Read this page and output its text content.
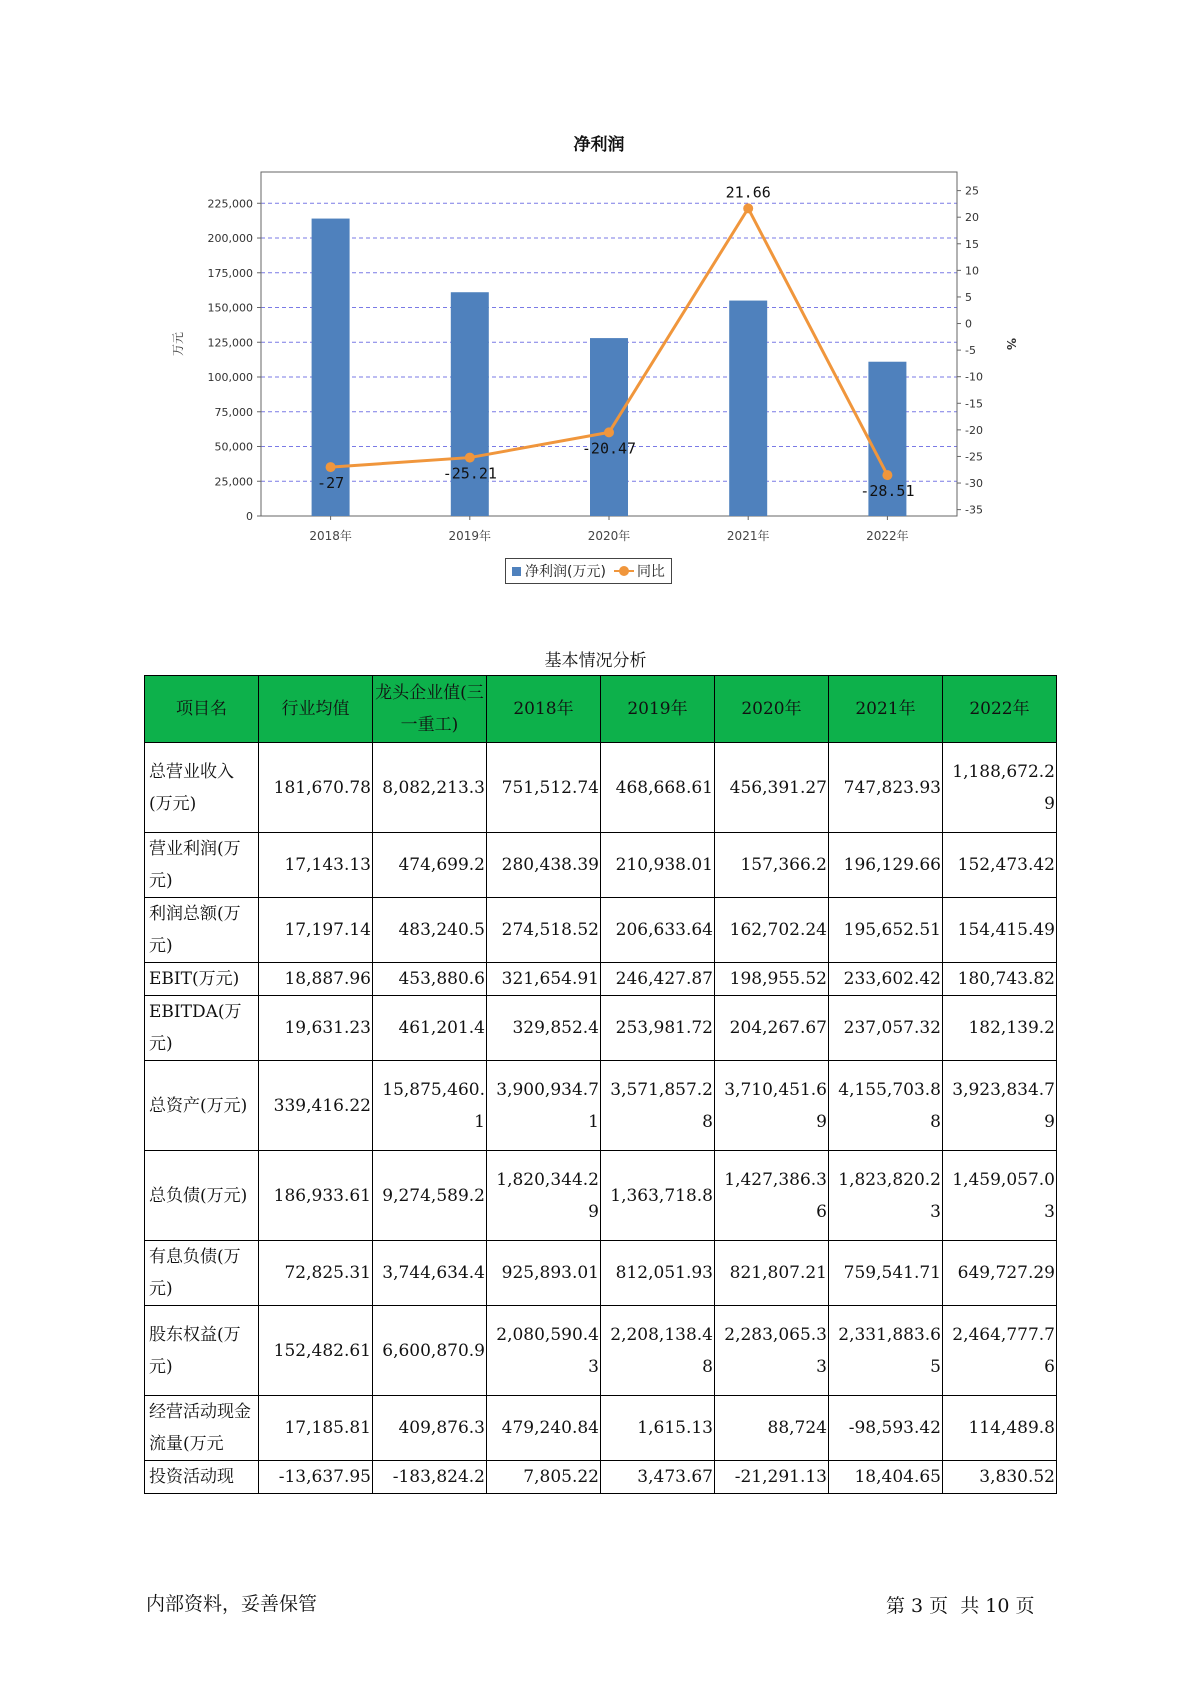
净利润
0
25,000
50,000
75,000
100,000
125,000
150,000
175,000
200,000
225,000
25
20
15
10
5
0
-5
-10
-15
-20
-25
-30
-35
万元	%
2018年	2019年	2020年	2021年	2022年
-27
-25.21
-20.47
21.66
-28.51
净利润(万元) 同比
基本情况分析
项目名	行业均值	龙头企业值(三一重工)	2018年	2019年	2020年	2021年	2022年
总营业收入(万元)	181,670.78	8,082,213.3	751,512.74	468,668.61	456,391.27	747,823.93	1,188,672.29
营业利润(万元)	17,143.13	474,699.2	280,438.39	210,938.01	157,366.2	196,129.66	152,473.42
利润总额(万元)	17,197.14	483,240.5	274,518.52	206,633.64	162,702.24	195,652.51	154,415.49
EBIT(万元)	18,887.96	453,880.6	321,654.91	246,427.87	198,955.52	233,602.42	180,743.82
EBITDA(万元)	19,631.23	461,201.4	329,852.4	253,981.72	204,267.67	237,057.32	182,139.2
总资产(万元)	339,416.22	15,875,460.1	3,900,934.71	3,571,857.28	3,710,451.69	4,155,703.88	3,923,834.79
总负债(万元)	186,933.61	9,274,589.2	1,820,344.29	1,363,718.8	1,427,386.36	1,823,820.23	1,459,057.03
有息负债(万元)	72,825.31	3,744,634.4	925,893.01	812,051.93	821,807.21	759,541.71	649,727.29
股东权益(万元)	152,482.61	6,600,870.9	2,080,590.43	2,208,138.48	2,283,065.33	2,331,883.65	2,464,777.76
经营活动现金流量(万元	17,185.81	409,876.3	479,240.84	1,615.13	88,724	-98,593.42	114,489.8
投资活动现	-13,637.95	-183,824.2	7,805.22	3,473.67	-21,291.13	18,404.65	3,830.52
内部资料，妥善保管	第 3 页  共 10 页
